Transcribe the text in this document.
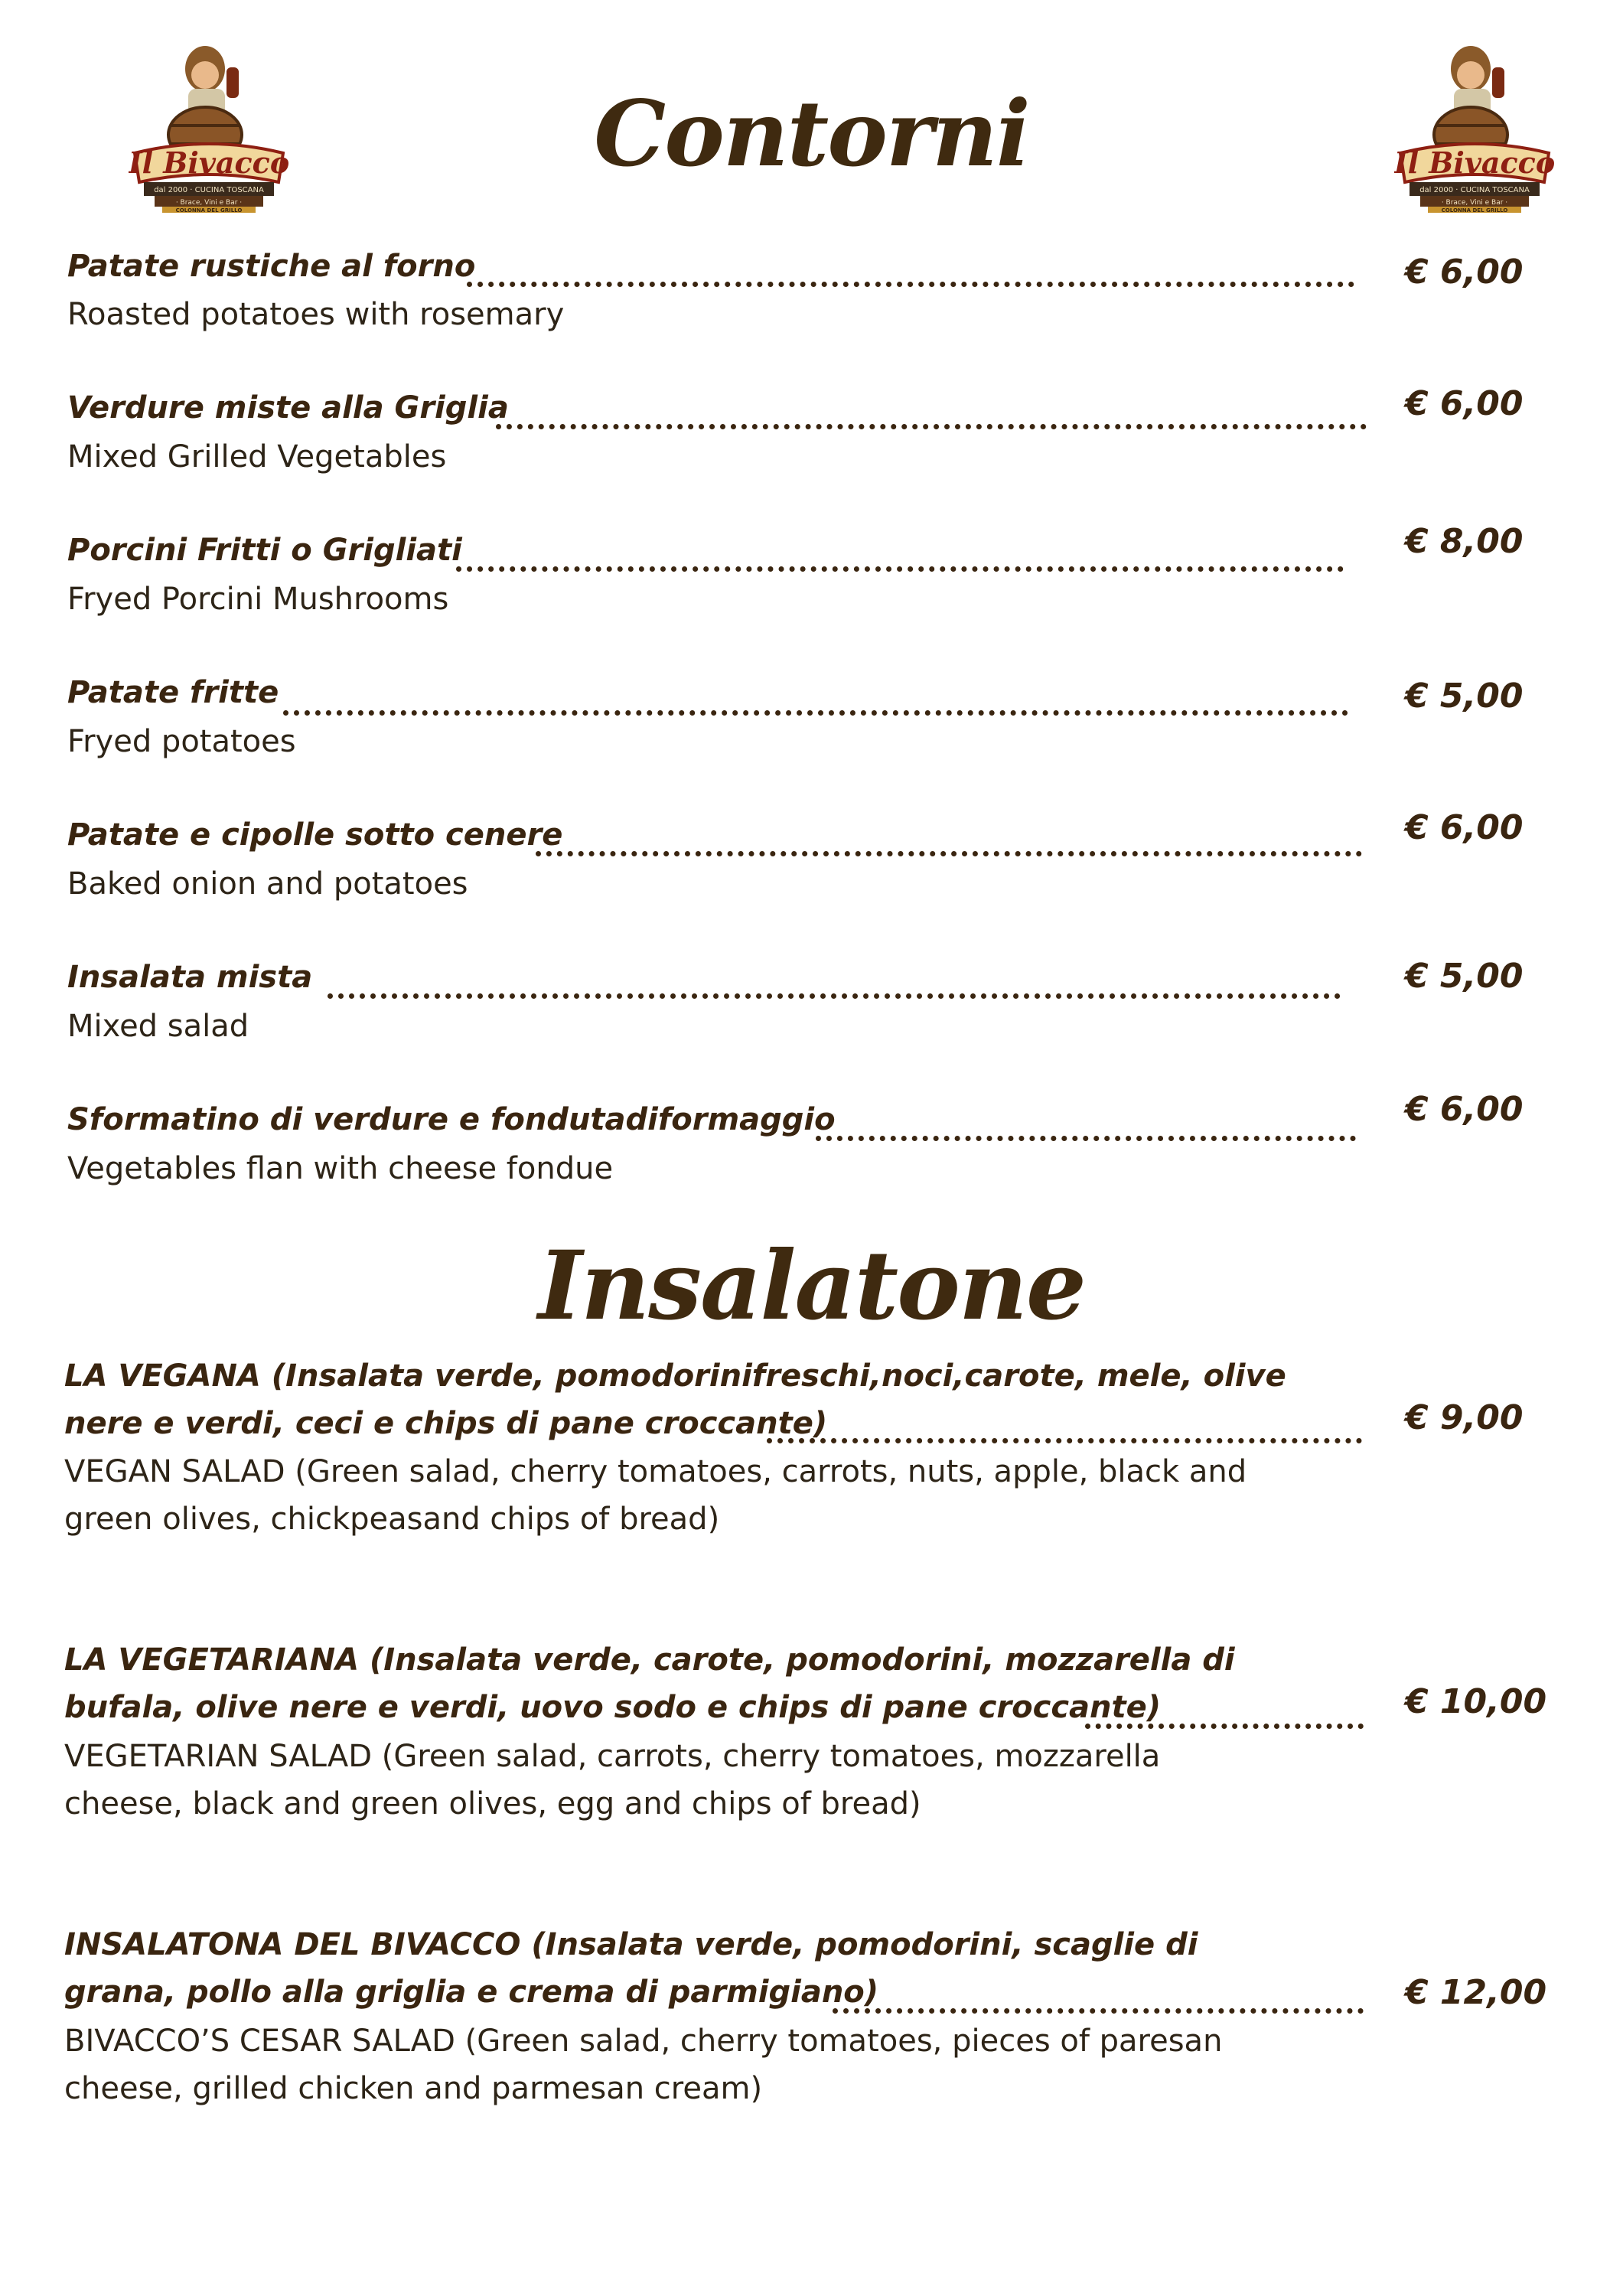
Il Bivacco
dal 2000 · CUCINA TOSCANA
· Brace, Vini e Bar ·
COLONNA DEL GRILLO
Il Bivacco
dal 2000 · CUCINA TOSCANA
· Brace, Vini e Bar ·
COLONNA DEL GRILLO
Contorni
Patate rustiche al forno	€ 6,00
Roasted potatoes with rosemary
Verdure miste alla Griglia	€ 6,00
Mixed Grilled Vegetables
Porcini Fritti o Grigliati	€ 8,00
Fryed Porcini Mushrooms
Patate fritte	€ 5,00
Fryed potatoes
Patate e cipolle sotto cenere	€ 6,00
Baked onion and potatoes
Insalata mista	€ 5,00
Mixed salad
Sformatino di verdure e fondutadiformaggio	€ 6,00
Vegetables flan with cheese fondue
Insalatone
LA VEGANA (Insalata verde, pomodorinifreschi,noci,carote, mele, olive
nere e verdi, ceci e chips di pane croccante)	€ 9,00
VEGAN SALAD (Green salad, cherry tomatoes, carrots, nuts, apple, black and
green olives, chickpeasand chips of bread)
LA VEGETARIANA (Insalata verde, carote, pomodorini, mozzarella di
bufala, olive nere e verdi, uovo sodo e chips di pane croccante)	€ 10,00
VEGETARIAN SALAD (Green salad, carrots, cherry tomatoes, mozzarella
cheese, black and green olives, egg and chips of bread)
INSALATONA DEL BIVACCO (Insalata verde, pomodorini, scaglie di
grana, pollo alla griglia e crema di parmigiano)	€ 12,00
BIVACCO’S CESAR SALAD (Green salad, cherry tomatoes, pieces of paresan
cheese, grilled chicken and parmesan cream)
